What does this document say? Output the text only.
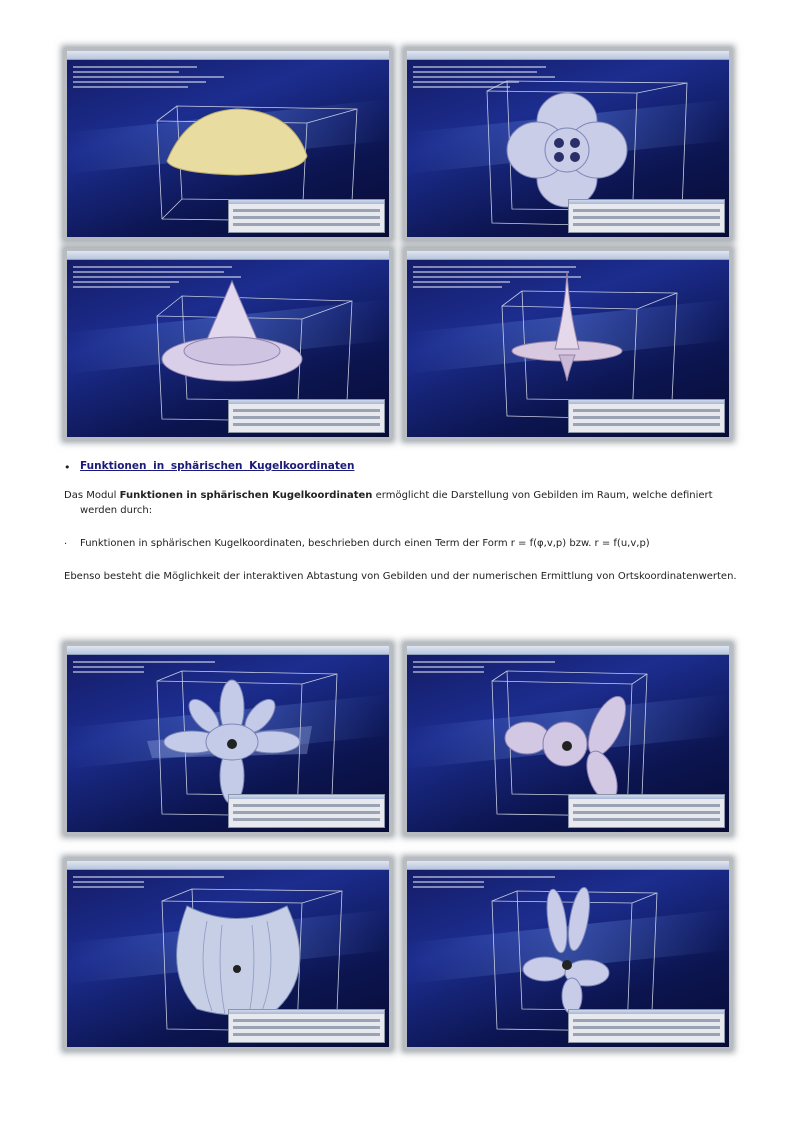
• Funktionen in sphärischen Kugelkoordinaten
Das Modul Funktionen in sphärischen Kugelkoordinaten ermöglicht die Darstellung von Gebilden im Raum, welche definiert
werden durch:
· Funktionen in sphärischen Kugelkoordinaten, beschrieben durch einen Term der Form r = f(φ,v,p) bzw. r = f(u,v,p)
Ebenso besteht die Möglichkeit der interaktiven Abtastung von Gebilden und der numerischen Ermittlung von Ortskoordinatenwerten.
